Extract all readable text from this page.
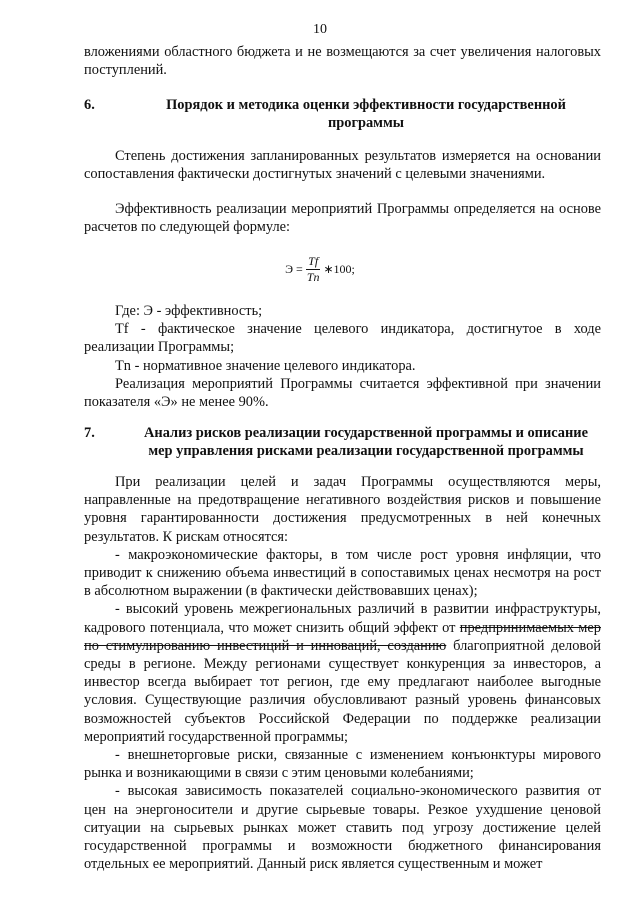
10

вложениями областного бюджета и не возмещаются за счет увеличения налоговых поступлений.

6.	Порядок и методика оценки эффективности государственной программы

Степень достижения запланированных результатов измеряется на основании сопоставления фактически достигнутых значений с целевыми значениями.

Эффективность реализации мероприятий Программы определяется на основе расчетов по следующей формуле:

$Э = \frac{Tf}{Tn}$ ∗100;

Где: Э - эффективность;

Tf - фактическое значение целевого индикатора, достигнутое в ходе реализации Программы;

Tn - нормативное значение целевого индикатора.

Реализация мероприятий Программы считается эффективной при значении показателя «Э» не менее 90%.

7.	Анализ рисков реализации государственной программы и описание мер управления рисками реализации государственной программы

При реализации целей и задач Программы осуществляются меры, направленные на предотвращение негативного воздействия рисков и повышение уровня гарантированности достижения предусмотренных в ней конечных результатов. К рискам относятся:

- макроэкономические факторы, в том числе рост уровня инфляции, что приводит к снижению объема инвестиций в сопоставимых ценах несмотря на рост в абсолютном выражении (в фактически действовавших ценах);

- высокий уровень межрегиональных различий в развитии инфраструктуры, кадрового потенциала, что может снизить общий эффект от предпринимаемых мер по стимулированию инвестиций и инноваций, созданию благоприятной деловой среды в регионе. Между регионами существует конкуренция за инвесторов, а инвестор всегда выбирает тот регион, где ему предлагают наиболее выгодные условия. Существующие различия обусловливают разный уровень финансовых возможностей субъектов Российской Федерации по поддержке реализации мероприятий государственной программы;

- внешнеторговые риски, связанные с изменением конъюнктуры мирового рынка и возникающими в связи с этим ценовыми колебаниями;

- высокая зависимость показателей социально-экономического развития от цен на энергоносители и другие сырьевые товары. Резкое ухудшение ценовой ситуации на сырьевых рынках может ставить под угрозу достижение целей государственной программы и возможности бюджетного финансирования отдельных ее мероприятий. Данный риск является существенным и может
